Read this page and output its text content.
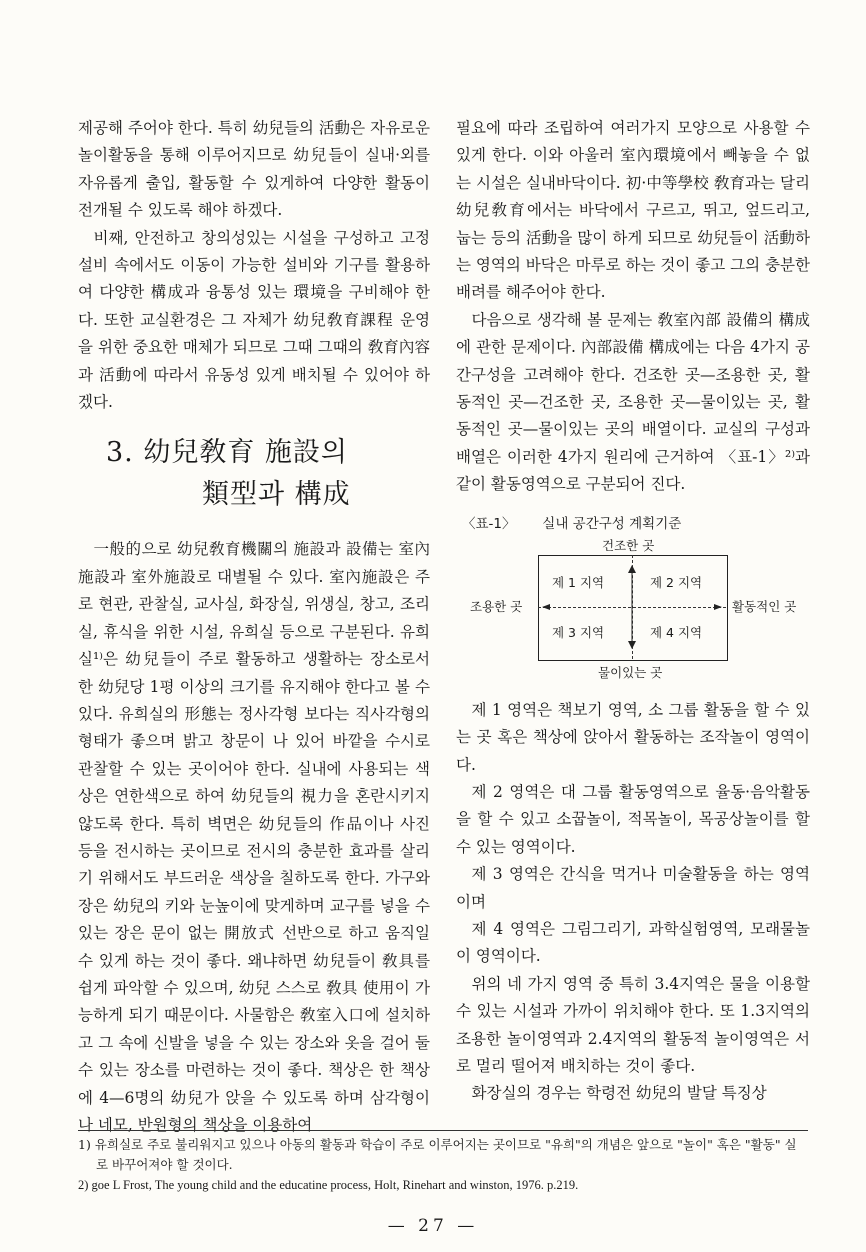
제공해 주어야 한다. 특히 幼兒들의 活動은 자유로운 놀이활동을 통해 이루어지므로 幼兒들이 실내·외를 자유롭게 출입, 활동할 수 있게하여 다양한 활동이 전개될 수 있도록 해야 하겠다.

비째, 안전하고 창의성있는 시설을 구성하고 고정설비 속에서도 이동이 가능한 설비와 기구를 활용하여 다양한 構成과 융통성 있는 環境을 구비해야 한다. 또한 교실환경은 그 자체가 幼兒敎育課程 운영을 위한 중요한 매체가 되므로 그때 그때의 敎育內容과 活動에 따라서 유동성 있게 배치될 수 있어야 하겠다.

3. 幼兒敎育 施設의
類型과 構成

一般的으로 幼兒敎育機關의 施設과 設備는 室內施設과 室外施設로 대별될 수 있다. 室內施設은 주로 현관, 관찰실, 교사실, 화장실, 위생실, 창고, 조리실, 휴식을 위한 시설, 유희실 등으로 구분된다. 유희실¹⁾은 幼兒들이 주로 활동하고 생활하는 장소로서 한 幼兒당 1평 이상의 크기를 유지해야 한다고 볼 수 있다. 유희실의 形態는 정사각형 보다는 직사각형의 형태가 좋으며 밝고 창문이 나 있어 바깥을 수시로 관찰할 수 있는 곳이어야 한다. 실내에 사용되는 색상은 연한색으로 하여 幼兒들의 視力을 혼란시키지 않도록 한다. 특히 벽면은 幼兒들의 作品이나 사진 등을 전시하는 곳이므로 전시의 충분한 효과를 살리기 위해서도 부드러운 색상을 칠하도록 한다. 가구와 장은 幼兒의 키와 눈높이에 맞게하며 교구를 넣을 수 있는 장은 문이 없는 開放式 선반으로 하고 움직일 수 있게 하는 것이 좋다. 왜냐하면 幼兒들이 敎具를 쉽게 파악할 수 있으며, 幼兒 스스로 敎具 使用이 가능하게 되기 때문이다. 사물함은 敎室入口에 설치하고 그 속에 신발을 넣을 수 있는 장소와 옷을 걸어 둘 수 있는 장소를 마련하는 것이 좋다. 책상은 한 책상에 4—6명의 幼兒가 앉을 수 있도록 하며 삼각형이나 네모, 반원형의 책상을 이용하여

필요에 따라 조립하여 여러가지 모양으로 사용할 수 있게 한다. 이와 아울러 室內環境에서 빼놓을 수 없는 시설은 실내바닥이다. 初·中等學校 敎育과는 달리 幼兒敎育에서는 바닥에서 구르고, 뛰고, 엎드리고, 눕는 등의 活動을 많이 하게 되므로 幼兒들이 活動하는 영역의 바닥은 마루로 하는 것이 좋고 그의 충분한 배려를 해주어야 한다.

다음으로 생각해 볼 문제는 敎室內部 設備의 構成에 관한 문제이다. 內部設備 構成에는 다음 4가지 공간구성을 고려해야 한다. 건조한 곳—조용한 곳, 활동적인 곳—건조한 곳, 조용한 곳—물이있는 곳, 활동적인 곳—물이있는 곳의 배열이다. 교실의 구성과 배열은 이러한 4가지 원리에 근거하여 〈표-1〉²⁾과 같이 활동영역으로 구분되어 진다.

〈표-1〉 실내 공간구성 계획기준
건조한 곳
물이있는 곳
조용한 곳	활동적인 곳
제 1 지역	제 2 지역
제 3 지역	제 4 지역

제 1 영역은 책보기 영역, 소 그룹 활동을 할 수 있는 곳 혹은 책상에 앉아서 활동하는 조작놀이 영역이다.

제 2 영역은 대 그룹 활동영역으로 율동·음악활동을 할 수 있고 소꿉놀이, 적목놀이, 목공상놀이를 할 수 있는 영역이다.

제 3 영역은 간식을 먹거나 미술활동을 하는 영역이며

제 4 영역은 그림그리기, 과학실험영역, 모래물놀이 영역이다.

위의 네 가지 영역 중 특히 3.4지역은 물을 이용할 수 있는 시설과 가까이 위치해야 한다. 또 1.3지역의 조용한 놀이영역과 2.4지역의 활동적 놀이영역은 서로 멀리 떨어져 배치하는 것이 좋다.

화장실의 경우는 학령전 幼兒의 발달 특징상

1) 유희실로 주로 불리워지고 있으나 아동의 활동과 학습이 주로 이루어지는 곳이므로 "유희"의 개념은 앞으로 "놀이" 혹은 "활동" 실로 바꾸어져야 할 것이다.

2) goe L Frost, The young child and the educatine process, Holt, Rinehart and winston, 1976. p.219.

— 27 —
